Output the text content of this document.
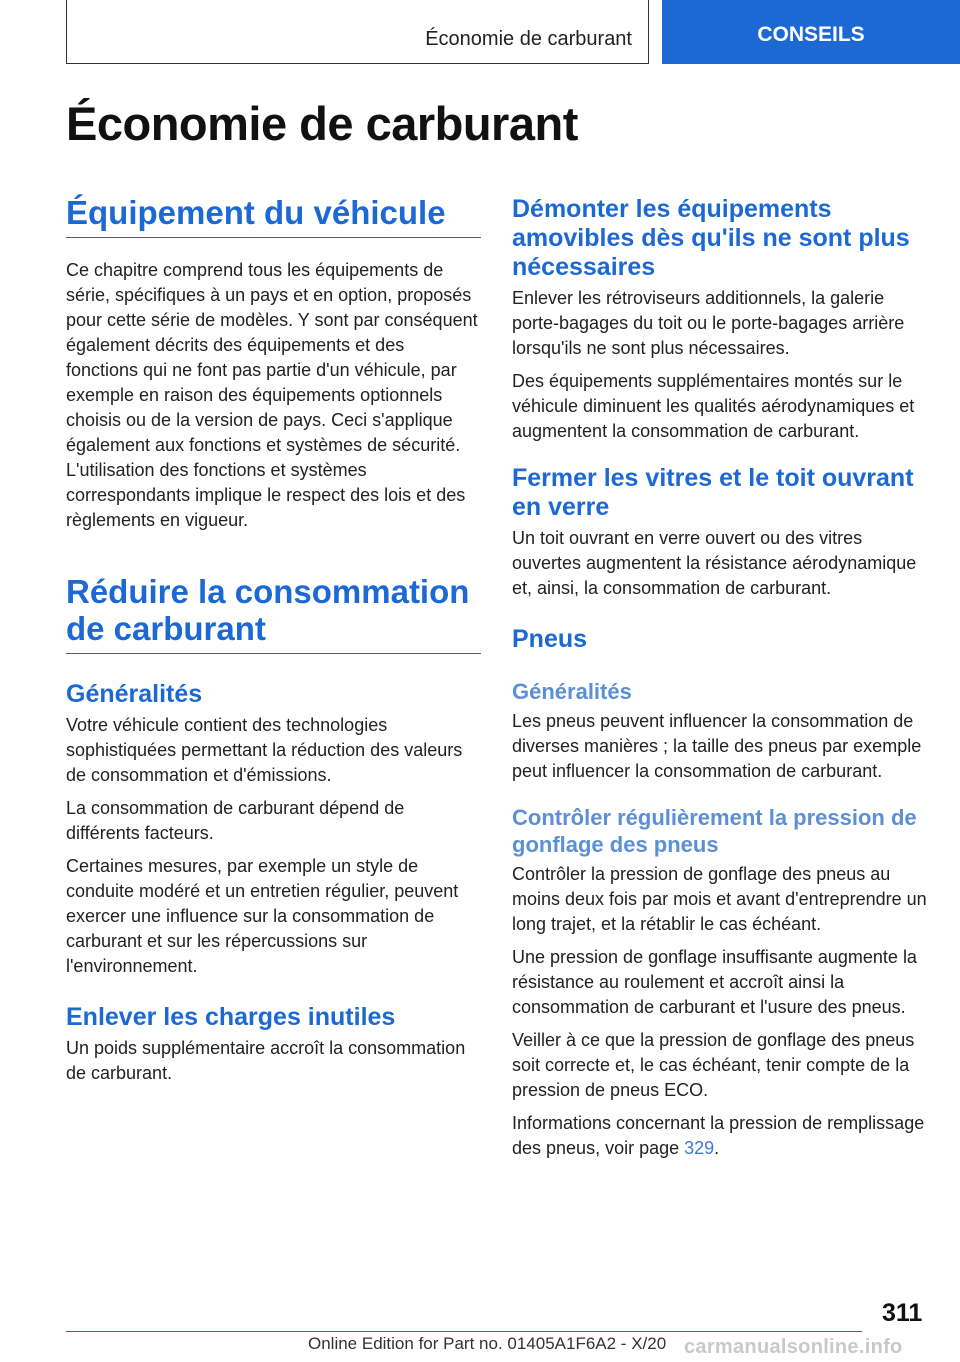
Économie de carburant	CONSEILS
Économie de carburant
Équipement du véhicule

Ce chapitre comprend tous les équipements de série, spécifiques à un pays et en option, proposés pour cette série de modèles. Y sont par conséquent également décrits des équipements et des fonctions qui ne font pas partie d'un véhicule, par exemple en raison des équipements optionnels choisis ou de la version de pays. Ceci s'applique également aux fonctions et systèmes de sécurité. L'utilisation des fonctions et systèmes correspondants implique le respect des lois et des règlements en vigueur.

Réduire la consommation de carburant
Généralités

Votre véhicule contient des technologies sophistiquées permettant la réduction des valeurs de consommation et d'émissions.

La consommation de carburant dépend de différents facteurs.

Certaines mesures, par exemple un style de conduite modéré et un entretien régulier, peuvent exercer une influence sur la consommation de carburant et sur les répercussions sur l'environnement.

Enlever les charges inutiles

Un poids supplémentaire accroît la consommation de carburant.

Démonter les équipements amovibles dès qu'ils ne sont plus nécessaires

Enlever les rétroviseurs additionnels, la galerie porte-bagages du toit ou le porte-bagages arrière lorsqu'ils ne sont plus nécessaires.

Des équipements supplémentaires montés sur le véhicule diminuent les qualités aérodynamiques et augmentent la consommation de carburant.

Fermer les vitres et le toit ouvrant en verre

Un toit ouvrant en verre ouvert ou des vitres ouvertes augmentent la résistance aérodynamique et, ainsi, la consommation de carburant.

Pneus
Généralités

Les pneus peuvent influencer la consommation de diverses manières ; la taille des pneus par exemple peut influencer la consommation de carburant.

Contrôler régulièrement la pression de gonflage des pneus

Contrôler la pression de gonflage des pneus au moins deux fois par mois et avant d'entreprendre un long trajet, et la rétablir le cas échéant.

Une pression de gonflage insuffisante augmente la résistance au roulement et accroît ainsi la consommation de carburant et l'usure des pneus.

Veiller à ce que la pression de gonflage des pneus soit correcte et, le cas échéant, tenir compte de la pression de pneus ECO.

Informations concernant la pression de remplissage des pneus, voir page 329.

311
Online Edition for Part no. 01405A1F6A2 - X/20 carmanualsonline.info
